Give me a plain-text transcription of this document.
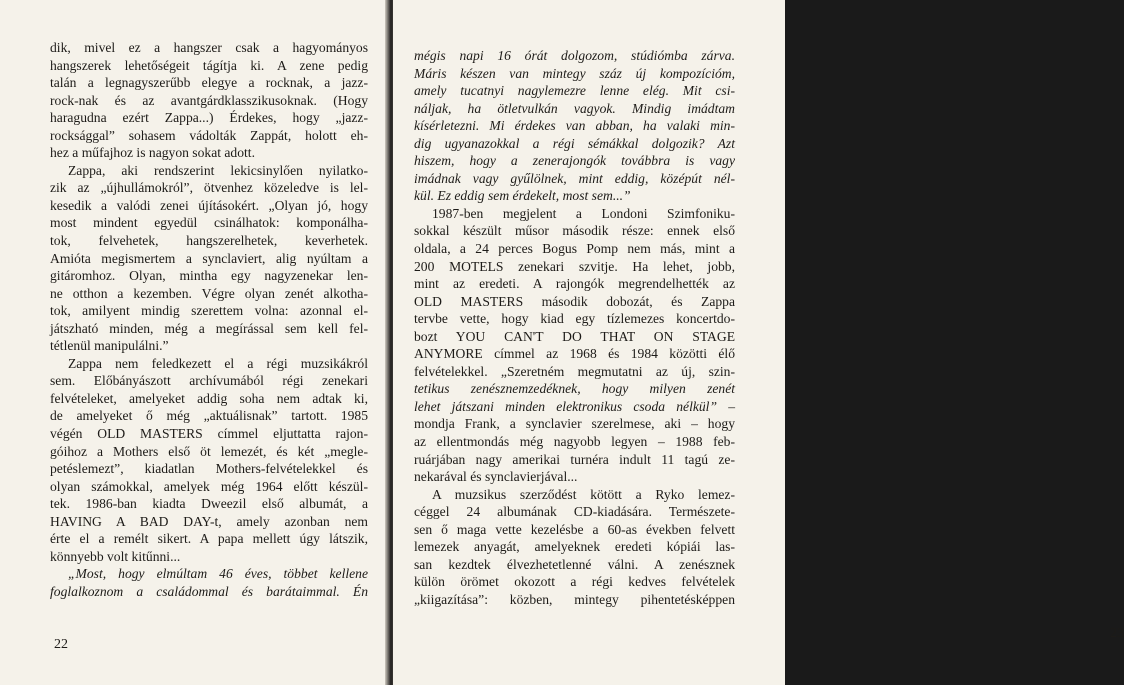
dik, mivel ez a hangszer csak a hagyományos
hangszerek lehetőségeit tágítja ki. A zene pedig
talán a legnagyszerűbb elegye a rocknak, a jazz-
rock-nak és az avantgárdklasszikusoknak. (Hogy
haragudna ezért Zappa...) Érdekes, hogy „jazz-
rocksággal” sohasem vádolták Zappát, holott eh-
hez a műfajhoz is nagyon sokat adott.
Zappa, aki rendszerint lekicsinylően nyilatko-
zik az „újhullámokról”, ötvenhez közeledve is lel-
kesedik a valódi zenei újításokért. „Olyan jó, hogy
most mindent egyedül csinálhatok: komponálha-
tok, felvehetek, hangszerelhetek, keverhetek.
Amióta megismertem a synclaviert, alig nyúltam a
gitáromhoz. Olyan, mintha egy nagyzenekar len-
ne otthon a kezemben. Végre olyan zenét alkotha-
tok, amilyent mindig szerettem volna: azonnal el-
játszható minden, még a megírással sem kell fel-
tétlenül manipulálni.”
Zappa nem feledkezett el a régi muzsikákról
sem. Előbányászott archívumából régi zenekari
felvételeket, amelyeket addig soha nem adtak ki,
de amelyeket ő még „aktuálisnak” tartott. 1985
végén OLD MASTERS címmel eljuttatta rajon-
góihoz a Mothers első öt lemezét, és két „megle-
petéslemezt”, kiadatlan Mothers-felvételekkel és
olyan számokkal, amelyek még 1964 előtt készül-
tek. 1986-ban kiadta Dweezil első albumát, a
HAVING A BAD DAY-t, amely azonban nem
érte el a remélt sikert. A papa mellett úgy látszik,
könnyebb volt kitűnni...
„Most, hogy elmúltam 46 éves, többet kellene
foglalkoznom a családommal és barátaimmal. Én
22
mégis napi 16 órát dolgozom, stúdiómba zárva.
Máris készen van mintegy száz új kompozícióm,
amely tucatnyi nagylemezre lenne elég. Mit csi-
náljak, ha ötletvulkán vagyok. Mindig imádtam
kísérletezni. Mi érdekes van abban, ha valaki min-
dig ugyanazokkal a régi sémákkal dolgozik? Azt
hiszem, hogy a zenerajongók továbbra is vagy
imádnak vagy gyűlölnek, mint eddig, középút nél-
kül. Ez eddig sem érdekelt, most sem...”
1987-ben megjelent a Londoni Szimfoniku-
sokkal készült műsor második része: ennek első
oldala, a 24 perces Bogus Pomp nem más, mint a
200 MOTELS zenekari szvitje. Ha lehet, jobb,
mint az eredeti. A rajongók megrendelhették az
OLD MASTERS második dobozát, és Zappa
tervbe vette, hogy kiad egy tízlemezes koncertdo-
bozt YOU CAN'T DO THAT ON STAGE
ANYMORE címmel az 1968 és 1984 közötti élő
felvételekkel. „Szeretném megmutatni az új, szin-
tetikus zenésznemzedéknek, hogy milyen zenét
lehet játszani minden elektronikus csoda nélkül” –
mondja Frank, a synclavier szerelmese, aki – hogy
az ellentmondás még nagyobb legyen – 1988 feb-
ruárjában nagy amerikai turnéra indult 11 tagú ze-
nekarával és synclavierjával...
A muzsikus szerződést kötött a Ryko lemez-
céggel 24 albumának CD-kiadására. Természete-
sen ő maga vette kezelésbe a 60-as években felvett
lemezek anyagát, amelyeknek eredeti kópiái las-
san kezdtek élvezhetetlenné válni. A zenésznek
külön örömet okozott a régi kedves felvételek
„kiigazítása”: közben, mintegy pihentetésképpen
23
